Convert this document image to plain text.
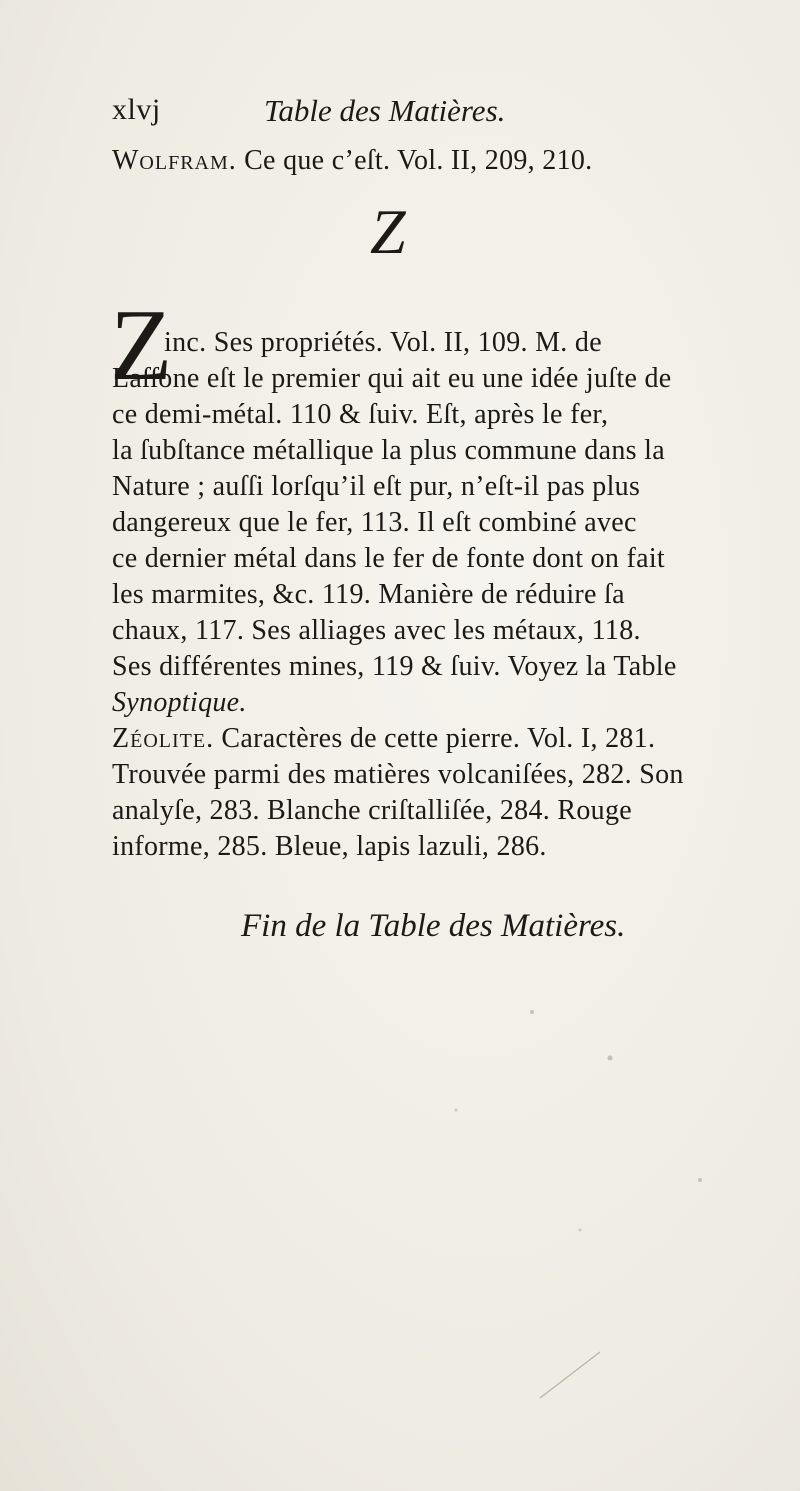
xlvj	Table des Matières.
Wolfram. Ce que c’eſt. Vol. II, 209, 210.
Z
Z
inc. Ses propriétés. Vol. II, 109. M. de
Laſſone eſt le premier qui ait eu une idée juſte de
ce demi-métal. 110 & ſuiv. Eſt, après le fer,
la ſubſtance métallique la plus commune dans la
Nature ; auſſi lorſqu’il eſt pur, n’eſt-il pas plus
dangereux que le fer, 113. Il eſt combiné avec
ce dernier métal dans le fer de fonte dont on fait
les marmites, &c. 119. Manière de réduire ſa
chaux, 117. Ses alliages avec les métaux, 118.
Ses différentes mines, 119 & ſuiv. Voyez la Table
Synoptique.
Zéolite. Caractères de cette pierre. Vol. I, 281.
Trouvée parmi des matières volcaniſées, 282. Son
analyſe, 283. Blanche criſtalliſée, 284. Rouge
informe, 285. Bleue, lapis lazuli, 286.
Fin de la Table des Matières.
